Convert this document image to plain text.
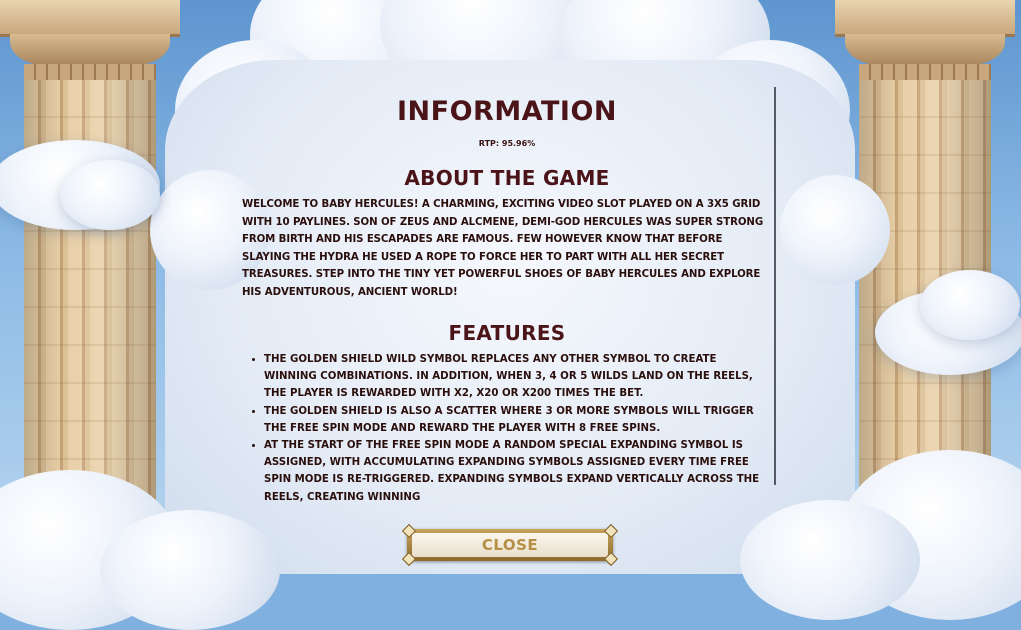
INFORMATION
RTP: 95.96%
ABOUT THE GAME

WELCOME TO BABY HERCULES! A CHARMING, EXCITING VIDEO SLOT PLAYED ON A 3X5 GRID WITH 10 PAYLINES. SON OF ZEUS AND ALCMENE, DEMI-GOD HERCULES WAS SUPER STRONG FROM BIRTH AND HIS ESCAPADES ARE FAMOUS. FEW HOWEVER KNOW THAT BEFORE SLAYING THE HYDRA HE USED A ROPE TO FORCE HER TO PART WITH ALL HER SECRET TREASURES. STEP INTO THE TINY YET POWERFUL SHOES OF BABY HERCULES AND EXPLORE HIS ADVENTUROUS, ANCIENT WORLD!

FEATURES
• THE GOLDEN SHIELD WILD SYMBOL REPLACES ANY OTHER SYMBOL TO CREATE WINNING COMBINATIONS. IN ADDITION, WHEN 3, 4 OR 5 WILDS LAND ON THE REELS, THE PLAYER IS REWARDED WITH X2, X20 OR X200 TIMES THE BET.
• THE GOLDEN SHIELD IS ALSO A SCATTER WHERE 3 OR MORE SYMBOLS WILL TRIGGER THE FREE SPIN MODE AND REWARD THE PLAYER WITH 8 FREE SPINS.
• AT THE START OF THE FREE SPIN MODE A RANDOM SPECIAL EXPANDING SYMBOL IS ASSIGNED, WITH ACCUMULATING EXPANDING SYMBOLS ASSIGNED EVERY TIME FREE SPIN MODE IS RE-TRIGGERED. EXPANDING SYMBOLS EXPAND VERTICALLY ACROSS THE REELS, CREATING WINNING
CLOSE
